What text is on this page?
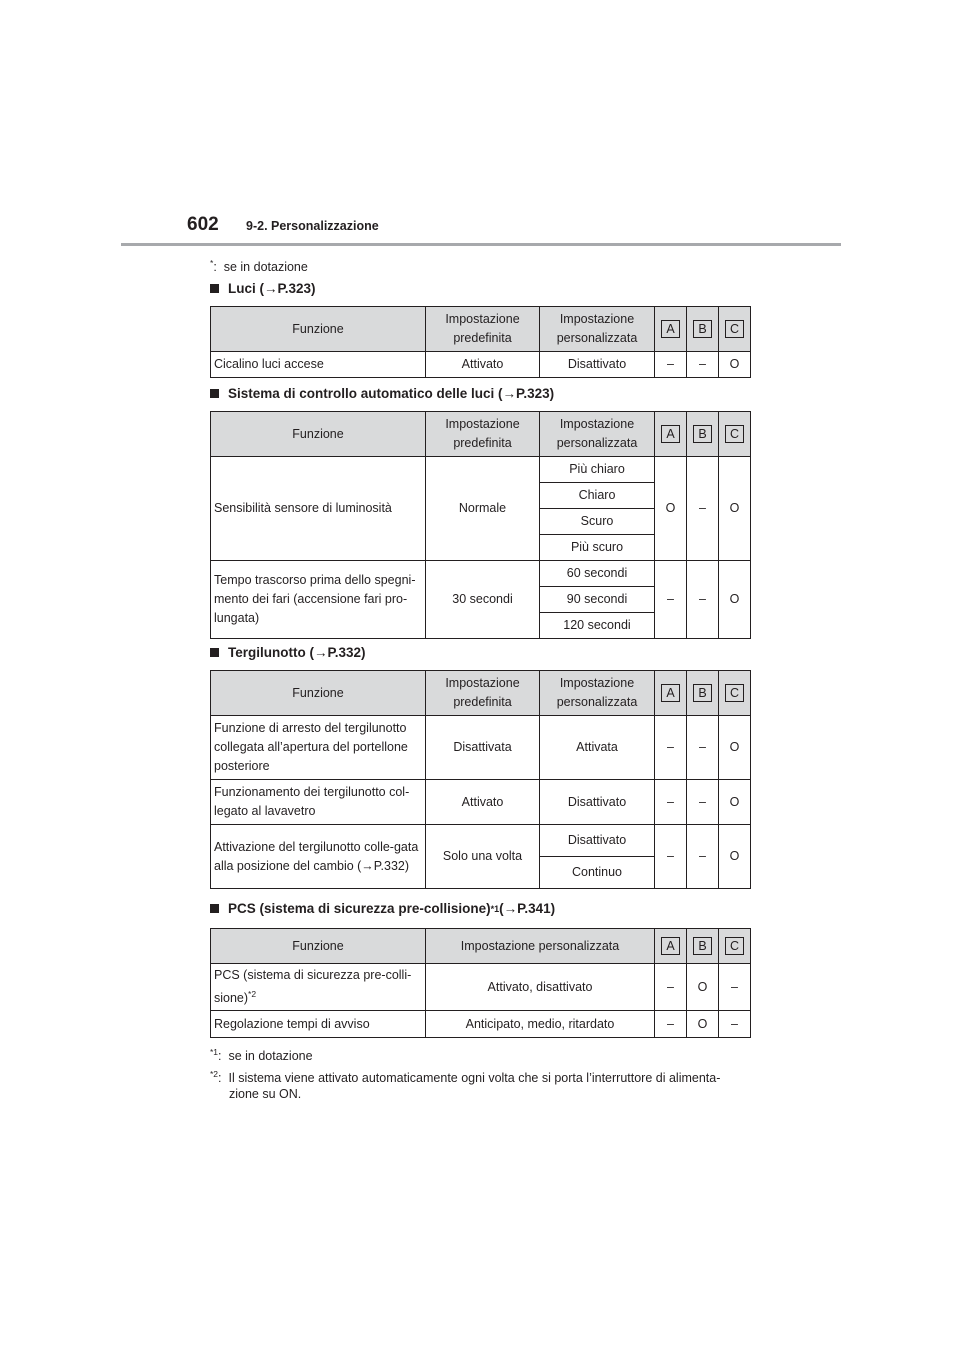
602 9-2. Personalizzazione
*:  se in dotazione
Luci (→P.323)
Funzione	Impostazione predefinita	Impostazione personalizzata	A	B	C
Cicalino luci accese	Attivato	Disattivato	–	–	O
Sistema di controllo automatico delle luci (→P.323)
Funzione	Impostazione predefinita	Impostazione personalizzata	A	B	C
Sensibilità sensore di luminosità	Normale	Più chiaro	O	–	O
		Chiaro			
		Scuro			
		Più scuro			
Tempo trascorso prima dello spegni-mento dei fari (accensione fari pro-lungata)	30 secondi	60 secondi	–	–	O
		90 secondi			
		120 secondi			
Tergilunotto (→P.332)
Funzione	Impostazione predefinita	Impostazione personalizzata	A	B	C
Funzione di arresto del tergilunotto collegata all’apertura del portellone posteriore	Disattivata	Attivata	–	–	O
Funzionamento dei tergilunotto col-legato al lavavetro	Attivato	Disattivato	–	–	O
Attivazione del tergilunotto colle-gata alla posizione del cambio (→P.332)	Solo una volta	Disattivato	–	–	O
		Continuo			
PCS (sistema di sicurezza pre-collisione) *1 (→P.341)
Funzione	Impostazione personalizzata	A	B	C
PCS (sistema di sicurezza pre-colli-sione)$^{*2}$	Attivato, disattivato	–	O	–
Regolazione tempi di avviso	Anticipato, medio, ritardato	–	O	–
$^{*1}$:  se in dotazione
$^{*2}$:  Il sistema viene attivato automaticamente ogni volta che si porta l’interruttore di alimenta-
zione su ON.
